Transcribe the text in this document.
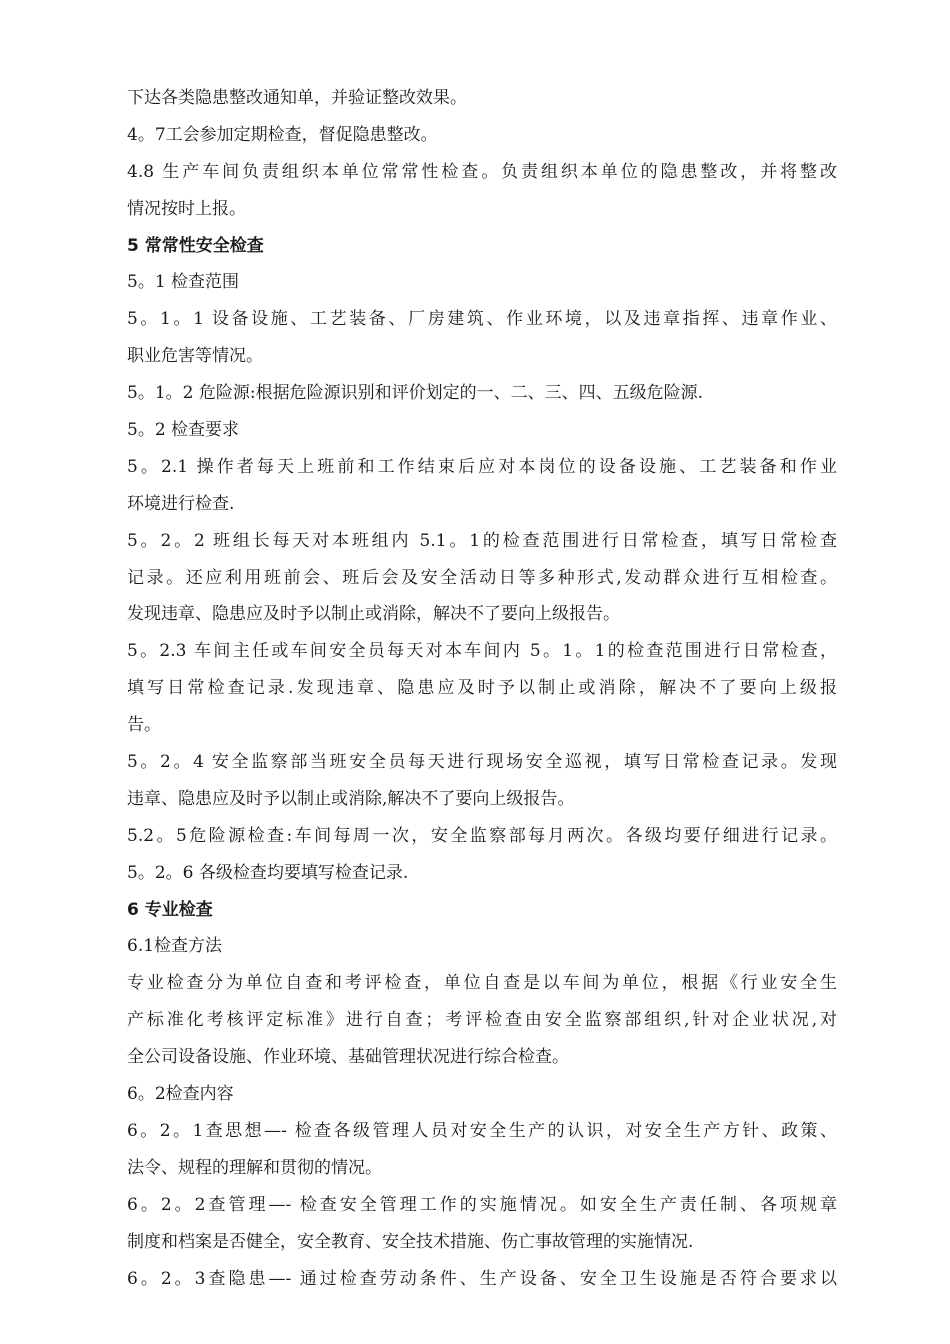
下达各类隐患整改通知单，并验证整改效果。
4。7工会参加定期检查，督促隐患整改。
4.8 生产车间负责组织本单位常常性检查。负责组织本单位的隐患整改，并将整改
情况按时上报。
5 常常性安全检查
5。1 检查范围
5。1。1 设备设施、工艺装备、厂房建筑、作业环境，以及违章指挥、违章作业、
职业危害等情况。
5。1。2 危险源:根据危险源识别和评价划定的一、二、三、四、五级危险源.
5。2 检查要求
5。2.1 操作者每天上班前和工作结束后应对本岗位的设备设施、工艺装备和作业
环境进行检查.
5。2。2 班组长每天对本班组内 5.1。1的检查范围进行日常检查，填写日常检查
记录。还应利用班前会、班后会及安全活动日等多种形式,发动群众进行互相检查。
发现违章、隐患应及时予以制止或消除，解决不了要向上级报告。
5。2.3 车间主任或车间安全员每天对本车间内 5。1。1的检查范围进行日常检查，
填写日常检查记录.发现违章、隐患应及时予以制止或消除，解决不了要向上级报
告。
5。2。4 安全监察部当班安全员每天进行现场安全巡视，填写日常检查记录。发现
违章、隐患应及时予以制止或消除,解决不了要向上级报告。
5.2。5危险源检查:车间每周一次，安全监察部每月两次。各级均要仔细进行记录。
5。2。6 各级检查均要填写检查记录.
6 专业检查
6.1检查方法
专业检查分为单位自查和考评检查，单位自查是以车间为单位，根据《行业安全生
产标准化考核评定标准》进行自查；考评检查由安全监察部组织,针对企业状况,对
全公司设备设施、作业环境、基础管理状况进行综合检查。
6。2检查内容
6。2。1查思想—- 检查各级管理人员对安全生产的认识，对安全生产方针、政策、
法令、规程的理解和贯彻的情况。
6。2。2查管理—- 检查安全管理工作的实施情况。如安全生产责任制、各项规章
制度和档案是否健全，安全教育、安全技术措施、伤亡事故管理的实施情况.
6。2。3查隐患—- 通过检查劳动条件、生产设备、安全卫生设施是否符合要求以
